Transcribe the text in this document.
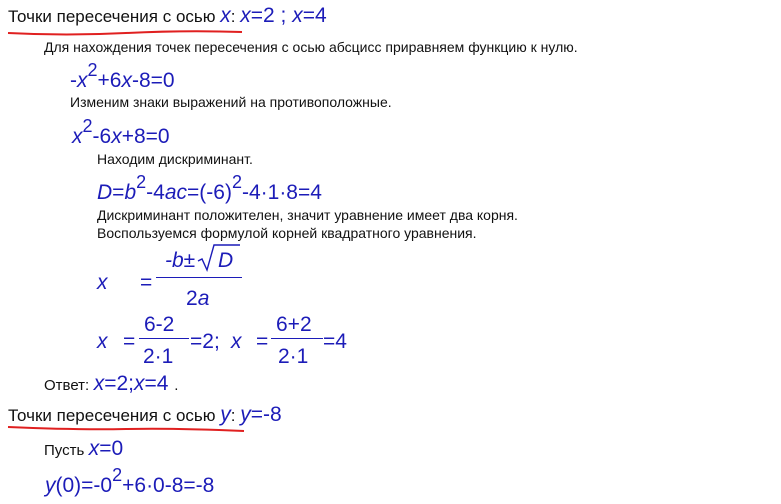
Точки пересечения с осью x: x=2 ; x=4
Для нахождения точек пересечения с осью абсцисс приравняем функцию к нулю.
-x2+6x-8=0
Изменим знаки выражений на противоположные.
x2-6x+8=0
Находим дискриминант.
D=b2-4ac=(-6)2-4·1·8=4
Дискриминант положителен, значит уравнение имеет два корня.
Воспользуемся формулой корней квадратного уравнения.
x =
-b± D
2a
x =
6-2
2·1
=2; x =
6+2
2·1
=4
Ответ: x=2;x=4 .
Точки пересечения с осью y: y=-8
Пусть x=0
y(0)=-02+6·0-8=-8
